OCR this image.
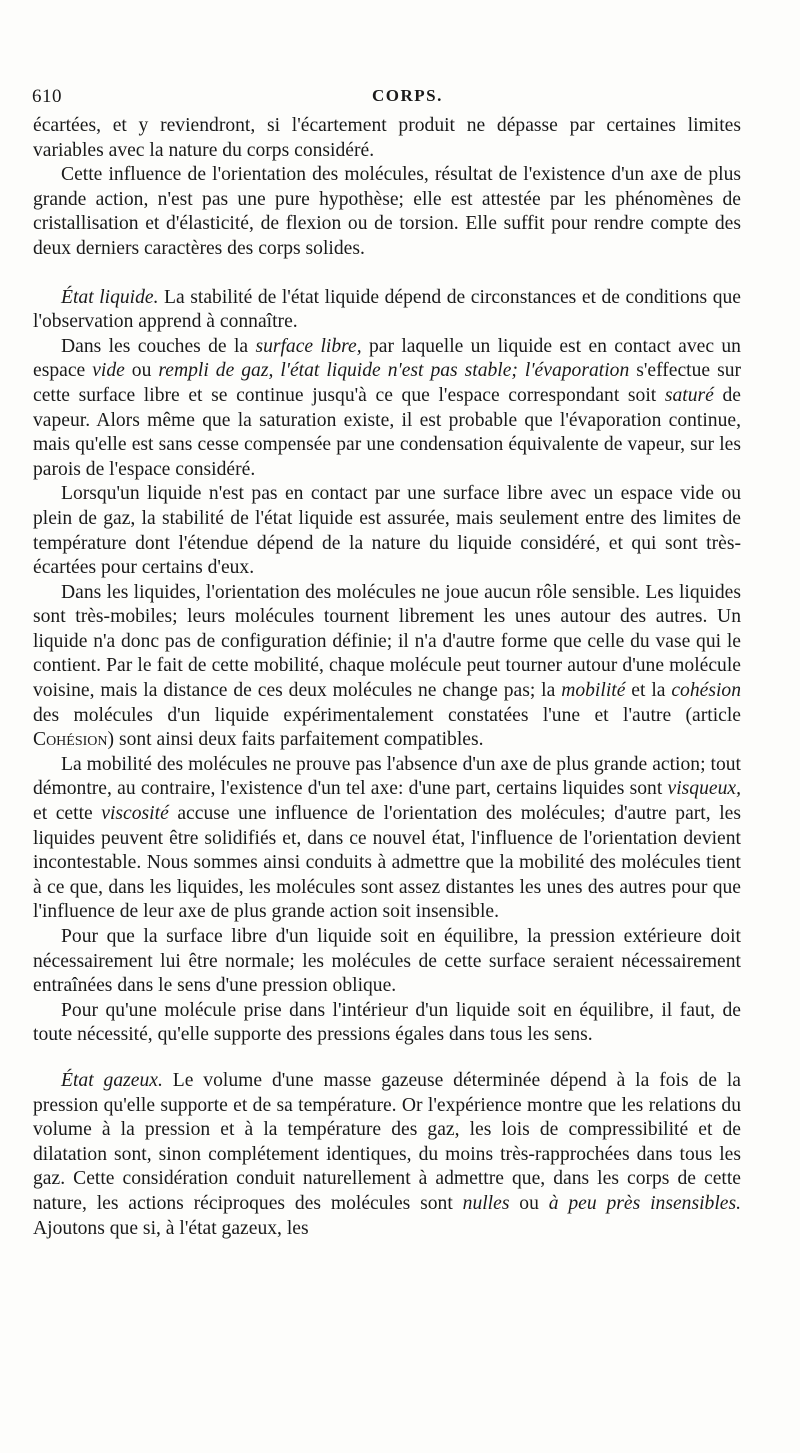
610	CORPS.

écartées, et y reviendront, si l'écartement produit ne dépasse par certaines limites variables avec la nature du corps considéré.

Cette influence de l'orientation des molécules, résultat de l'existence d'un axe de plus grande action, n'est pas une pure hypothèse; elle est attestée par les phénomènes de cristallisation et d'élasticité, de flexion ou de torsion. Elle suffit pour rendre compte des deux derniers caractères des corps solides.

État liquide. La stabilité de l'état liquide dépend de circonstances et de conditions que l'observation apprend à connaître.

Dans les couches de la surface libre, par laquelle un liquide est en contact avec un espace vide ou rempli de gaz, l'état liquide n'est pas stable; l'évaporation s'effectue sur cette surface libre et se continue jusqu'à ce que l'espace correspondant soit saturé de vapeur. Alors même que la saturation existe, il est probable que l'évaporation continue, mais qu'elle est sans cesse compensée par une condensation équivalente de vapeur, sur les parois de l'espace considéré.

Lorsqu'un liquide n'est pas en contact par une surface libre avec un espace vide ou plein de gaz, la stabilité de l'état liquide est assurée, mais seulement entre des limites de température dont l'étendue dépend de la nature du liquide considéré, et qui sont très-écartées pour certains d'eux.

Dans les liquides, l'orientation des molécules ne joue aucun rôle sensible. Les liquides sont très-mobiles; leurs molécules tournent librement les unes autour des autres. Un liquide n'a donc pas de configuration définie; il n'a d'autre forme que celle du vase qui le contient. Par le fait de cette mobilité, chaque molécule peut tourner autour d'une molécule voisine, mais la distance de ces deux molécules ne change pas; la mobilité et la cohésion des molécules d'un liquide expérimentalement constatées l'une et l'autre (article Cohésion) sont ainsi deux faits parfaitement compatibles.

La mobilité des molécules ne prouve pas l'absence d'un axe de plus grande action; tout démontre, au contraire, l'existence d'un tel axe: d'une part, certains liquides sont visqueux, et cette viscosité accuse une influence de l'orientation des molécules; d'autre part, les liquides peuvent être solidifiés et, dans ce nouvel état, l'influence de l'orientation devient incontestable. Nous sommes ainsi conduits à admettre que la mobilité des molécules tient à ce que, dans les liquides, les molécules sont assez distantes les unes des autres pour que l'influence de leur axe de plus grande action soit insensible.

Pour que la surface libre d'un liquide soit en équilibre, la pression extérieure doit nécessairement lui être normale; les molécules de cette surface seraient nécessairement entraînées dans le sens d'une pression oblique.

Pour qu'une molécule prise dans l'intérieur d'un liquide soit en équilibre, il faut, de toute nécessité, qu'elle supporte des pressions égales dans tous les sens.

État gazeux. Le volume d'une masse gazeuse déterminée dépend à la fois de la pression qu'elle supporte et de sa température. Or l'expérience montre que les relations du volume à la pression et à la température des gaz, les lois de compressibilité et de dilatation sont, sinon complétement identiques, du moins très-rapprochées dans tous les gaz. Cette considération conduit naturellement à admettre que, dans les corps de cette nature, les actions réciproques des molécules sont nulles ou à peu près insensibles. Ajoutons que si, à l'état gazeux, les
